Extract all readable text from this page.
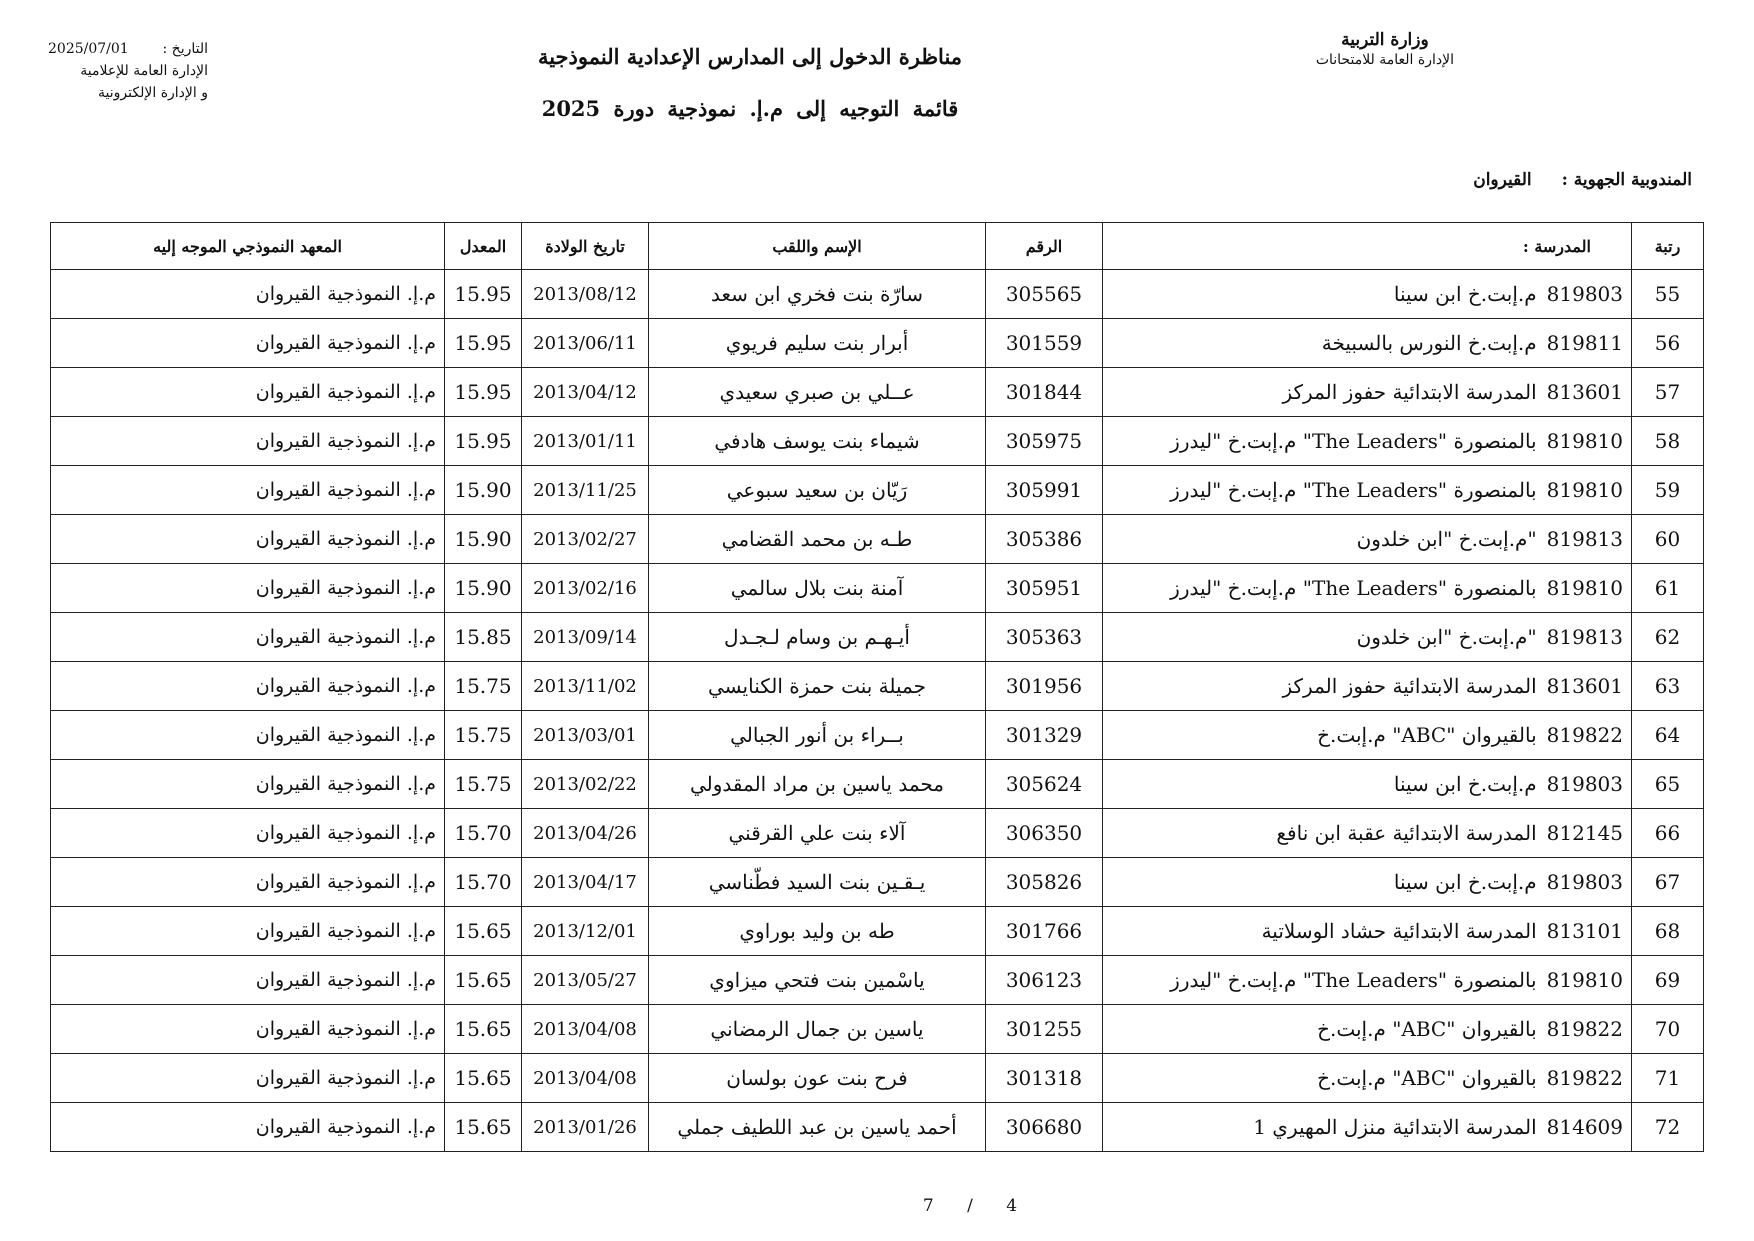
وزارة التربية
الإدارة العامة للامتحانات
التاريخ :
2025/07/01
الإدارة العامة للإعلامية
و الإدارة الإلكترونية
مناظرة الدخول إلى المدارس الإعدادية النموذجية
قائمة التوجيه إلى م.إ. نموذجية دورة 2025
المندوبية الجهوية : القيروان
رتبة	المدرسة :	الرقم	الإسم واللقب	تاريخ الولادة	المعدل	المعهد النموذجي الموجه إليه
55	819803م.إبت.خ ابن سينا	305565	سارّة بنت فخري ابن سعد	2013/08/12	15.95	م.إ. النموذجية القيروان
56	819811م.إبت.خ النورس بالسبيخة	301559	أبرار بنت سليم فريوي	2013/06/11	15.95	م.إ. النموذجية القيروان
57	813601المدرسة الابتدائية حفوز المركز	301844	عــلي بن صبري سعيدي	2013/04/12	15.95	م.إ. النموذجية القيروان
58	819810بالمنصورة "The Leaders" م.إبت.خ "ليدرز	305975	شيماء بنت يوسف هادفي	2013/01/11	15.95	م.إ. النموذجية القيروان
59	819810بالمنصورة "The Leaders" م.إبت.خ "ليدرز	305991	رَيّان بن سعيد سبوعي	2013/11/25	15.90	م.إ. النموذجية القيروان
60	819813"م.إبت.خ "ابن خلدون	305386	طـه بن محمد القضامي	2013/02/27	15.90	م.إ. النموذجية القيروان
61	819810بالمنصورة "The Leaders" م.إبت.خ "ليدرز	305951	آمنة بنت بلال سالمي	2013/02/16	15.90	م.إ. النموذجية القيروان
62	819813"م.إبت.خ "ابن خلدون	305363	أيـهـم بن وسام لـجـدل	2013/09/14	15.85	م.إ. النموذجية القيروان
63	813601المدرسة الابتدائية حفوز المركز	301956	جميلة بنت حمزة الكنايسي	2013/11/02	15.75	م.إ. النموذجية القيروان
64	819822بالقيروان "ABC" م.إبت.خ	301329	بــراء بن أنور الجبالي	2013/03/01	15.75	م.إ. النموذجية القيروان
65	819803م.إبت.خ ابن سينا	305624	محمد ياسين بن مراد المقدولي	2013/02/22	15.75	م.إ. النموذجية القيروان
66	812145المدرسة الابتدائية عقبة ابن نافع	306350	آلاء بنت علي القرقني	2013/04/26	15.70	م.إ. النموذجية القيروان
67	819803م.إبت.خ ابن سينا	305826	يـقـين بنت السيد فطّناسي	2013/04/17	15.70	م.إ. النموذجية القيروان
68	813101المدرسة الابتدائية حشاد الوسلاتية	301766	طه بن وليد بوراوي	2013/12/01	15.65	م.إ. النموذجية القيروان
69	819810بالمنصورة "The Leaders" م.إبت.خ "ليدرز	306123	ياسْمين بنت فتحي ميزاوي	2013/05/27	15.65	م.إ. النموذجية القيروان
70	819822بالقيروان "ABC" م.إبت.خ	301255	ياسين بن جمال الرمضاني	2013/04/08	15.65	م.إ. النموذجية القيروان
71	819822بالقيروان "ABC" م.إبت.خ	301318	فرح بنت عون بولسان	2013/04/08	15.65	م.إ. النموذجية القيروان
72	814609المدرسة الابتدائية منزل المهيري 1	306680	أحمد ياسين بن عبد اللطيف جملي	2013/01/26	15.65	م.إ. النموذجية القيروان
7 / 4
